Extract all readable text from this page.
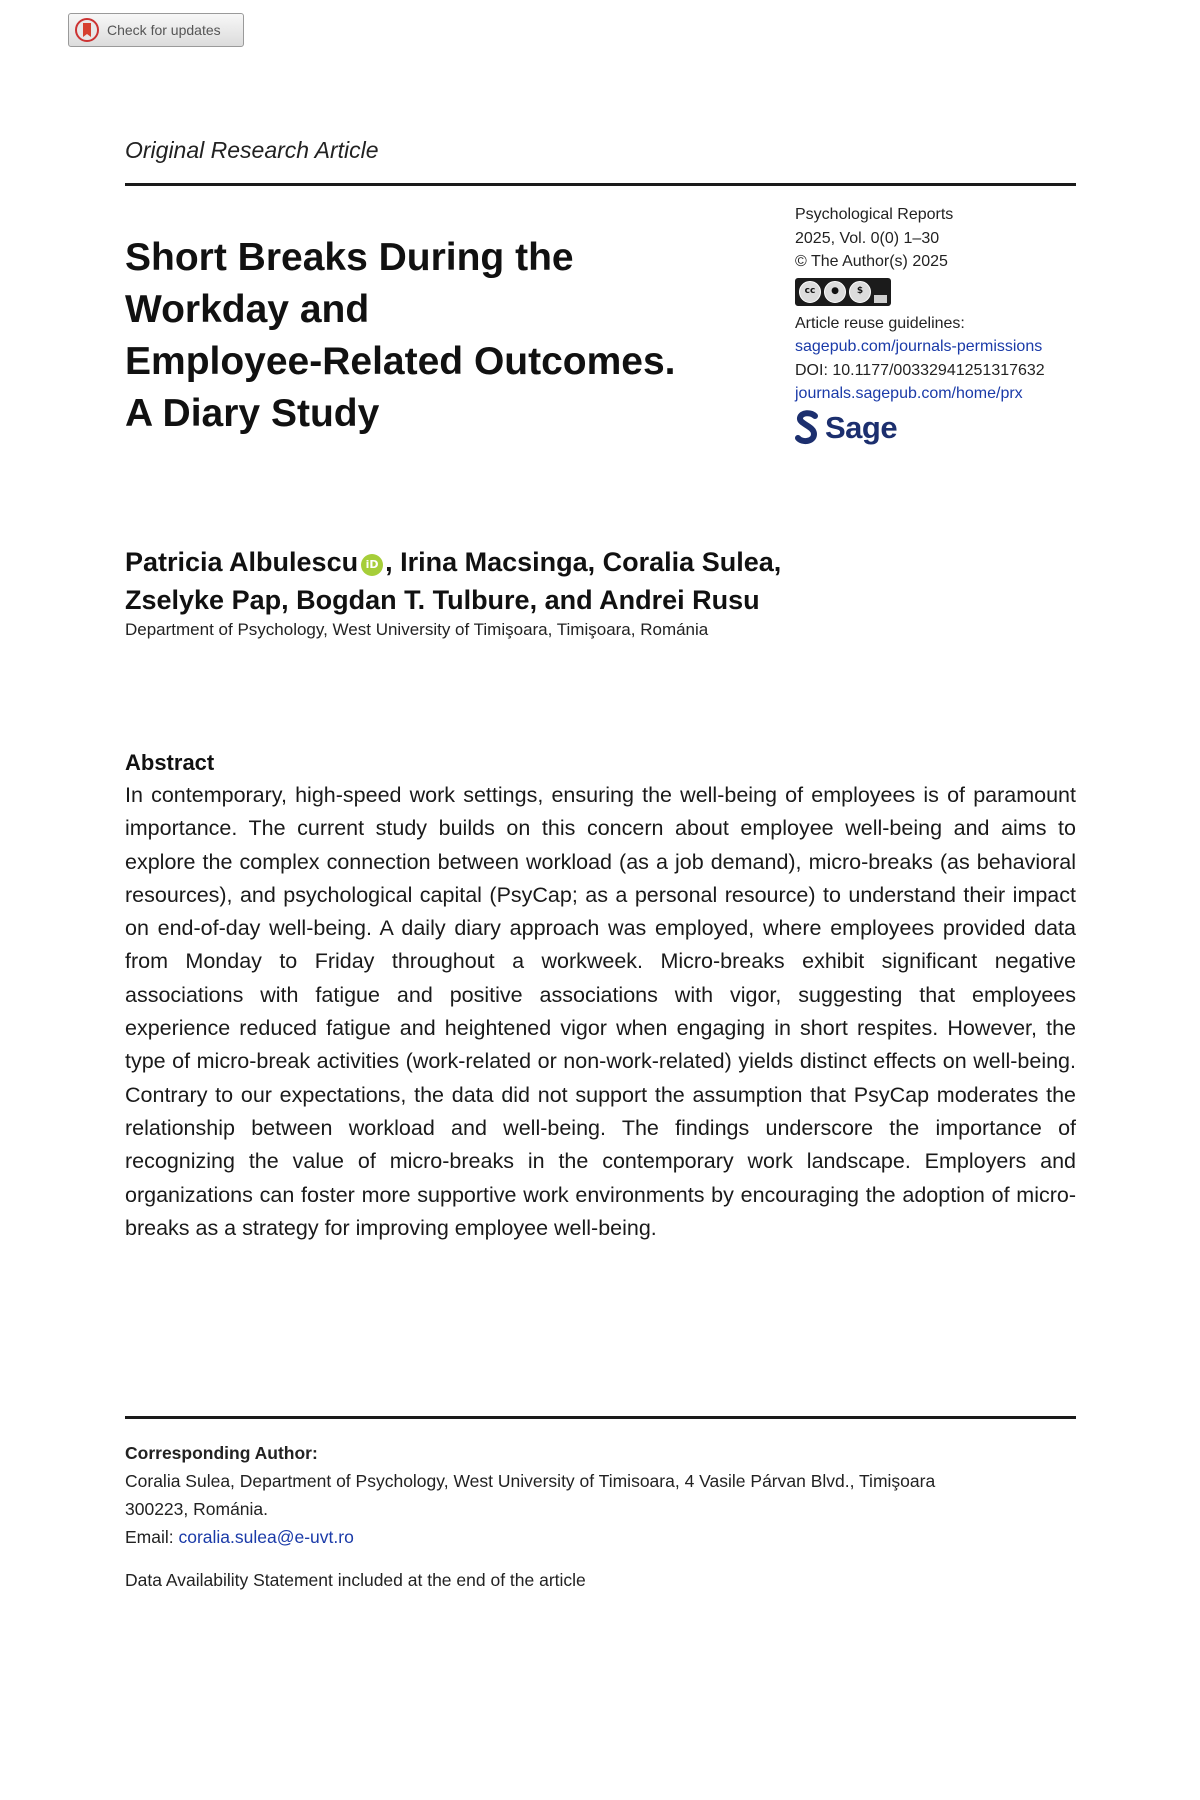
Check for updates
Original Research Article
Short Breaks During the
Workday and
Employee-Related Outcomes.
A Diary Study
Psychological Reports
2025, Vol. 0(0) 1–30
© The Author(s) 2025
cc	●	$
Article reuse guidelines:
sagepub.com/journals-permissions
DOI: 10.1177/00332941251317632
journals.sagepub.com/home/prx
Sage
Patricia Albulescu iD , Irina Macsinga, Coralia Sulea,
Zselyke Pap, Bogdan T. Tulbure, and Andrei Rusu
Department of Psychology, West University of Timişoara, Timişoara, Románia
Abstract

In contemporary, high-speed work settings, ensuring the well-being of employees is of paramount importance. The current study builds on this concern about employee well-being and aims to explore the complex connection between workload (as a job demand), micro-breaks (as behavioral resources), and psychological capital (PsyCap; as a personal resource) to understand their impact on end-of-day well-being. A daily diary approach was employed, where employees provided data from Monday to Friday throughout a workweek. Micro-breaks exhibit significant negative associations with fatigue and positive associations with vigor, suggesting that employees experience reduced fatigue and heightened vigor when engaging in short respites. However, the type of micro-break activities (work-related or non-work-related) yields distinct effects on well-being. Contrary to our expectations, the data did not support the assumption that PsyCap moderates the relationship between workload and well-being. The findings underscore the importance of recognizing the value of micro-breaks in the contemporary work landscape. Employers and organizations can foster more supportive work environments by encouraging the adoption of micro-breaks as a strategy for improving employee well-being.

Corresponding Author:
Coralia Sulea, Department of Psychology, West University of Timisoara, 4 Vasile Párvan Blvd., Timişoara
300223, Románia.
Email: coralia.sulea@e-uvt.ro
Data Availability Statement included at the end of the article
